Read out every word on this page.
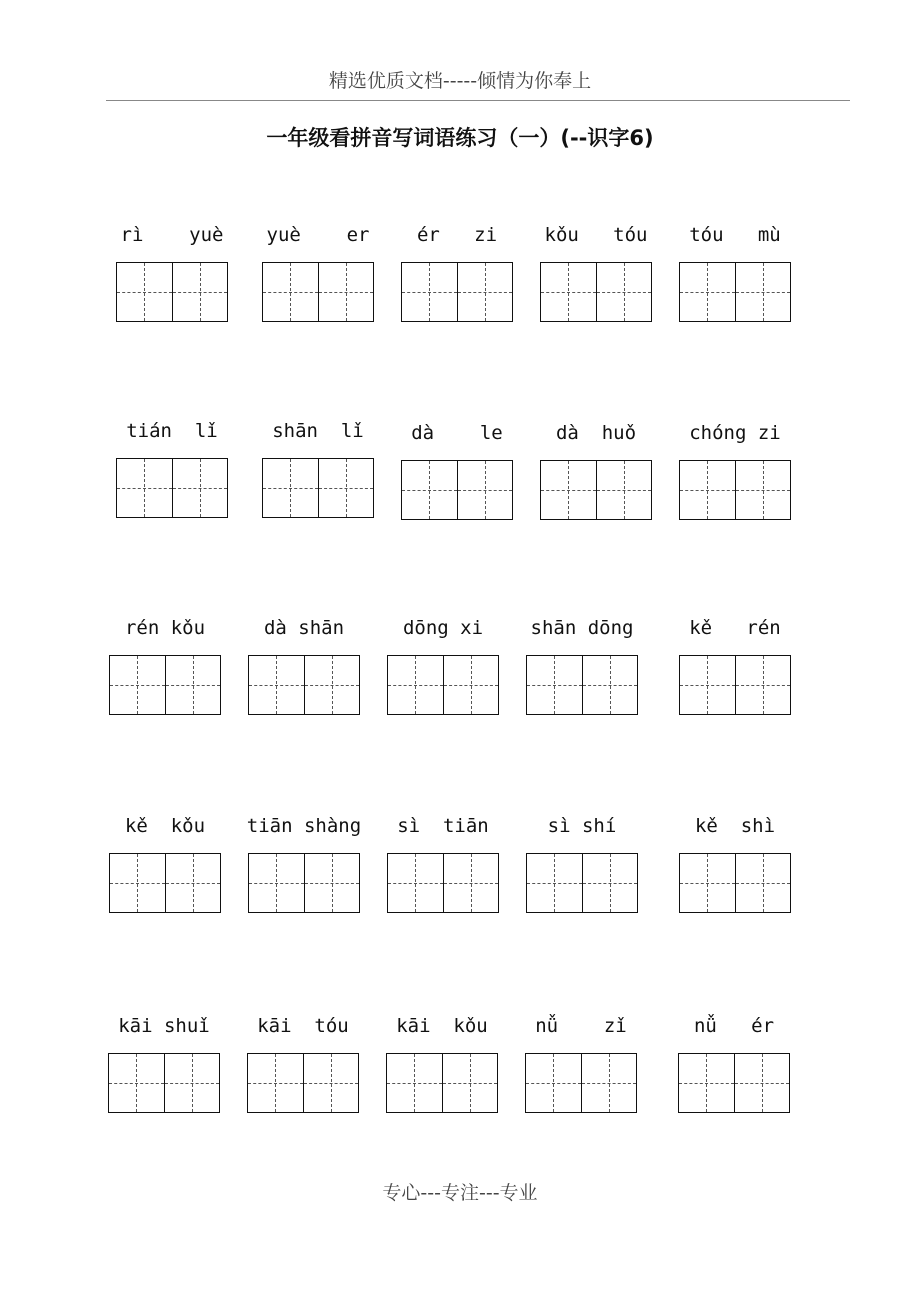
精选优质文档-----倾情为你奉上
一年级看拼音写词语练习（一）(--识字6)
rì    yuè	yuè    er	ér   zi	kǒu   tóu	tóu   mù
tián  lǐ	shān  lǐ	dà    le	dà  huǒ	chóng zi
rén kǒu	dà shān	dōng xi	shān dōng	kě   rén
kě  kǒu	tiān shàng	sì  tiān	sì shí	kě  shì
kāi shuǐ	kāi  tóu	kāi  kǒu	nǚ    zǐ	nǚ   ér
专心---专注---专业
